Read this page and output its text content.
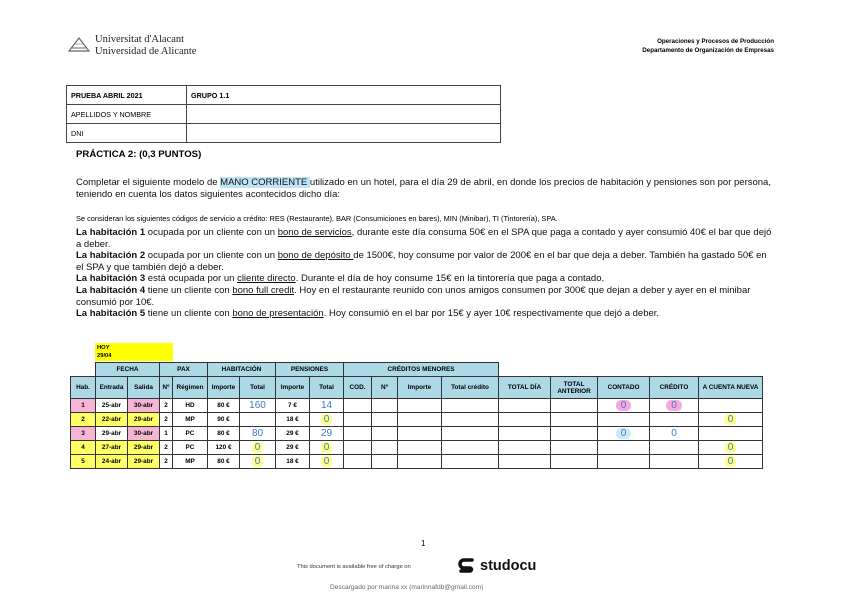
Universitat d'Alacant
Universidad de Alicante
Operaciones y Procesos de Producción
Departamento de Organización de Empresas
PRUEBA ABRIL 2021	GRUPO 1.1
APELLIDOS Y NOMBRE	
DNI	
PRÁCTICA 2: (0,3 PUNTOS)
Completar el siguiente modelo de MANO CORRIENTE utilizado en un hotel, para el día 29 de abril, en donde los precios de habitación y pensiones son por persona, teniendo en cuenta los datos siguientes acontecidos dicho día:
Se consideran los siguientes códigos de servicio a crédito: RES (Restaurante), BAR (Consumiciones en bares), MIN (Minibar), TI (Tintorería), SPA.

La habitación 1 ocupada por un cliente con un bono de servicios, durante este día consuma 50€ en el SPA que paga a contado y ayer consumió 40€ el bar que dejó a deber.

La habitación 2 ocupada por un cliente con un bono de depósito de 1500€, hoy consume por valor de 200€ en el bar que deja a deber. También ha gastado 50€ en el SPA y que también dejó a deber.

La habitación 3 está ocupada por un cliente directo. Durante el día de hoy consume 15€ en la tintorería que paga a contado.

La habitación 4 tiene un cliente con bono full credit. Hoy en el restaurante reunido con unos amigos consumen por 300€ que dejan a deber y ayer en el minibar consumió por 10€.

La habitación 5 tiene un cliente con bono de presentación. Hoy consumió en el bar por 15€ y ayer 10€ respectivamente que dejó a deber.

HOY
29/04
	FECHA		PAX		HABITACIÓN		PENSIONES		CRÉDITOS MENORES								
Hab.	Entrada	Salida	Nº	Régimen	Importe	Total	Importe	Total	COD.	Nº	Importe	Total crédito	TOTAL DÍA	TOTAL ANTERIOR	CONTADO	CRÉDITO	A CUENTA NUEVA
1	25-abr	30-abr	2	HD	80 €	160	7 €	14							0	0	
2	22-abr	29-abr	2	MP	90 €		18 €	0									0
3	29-abr	30-abr	1	PC	80 €	80	29 €	29							0	0	
4	27-abr	29-abr	2	PC	120 €	0	29 €	0									0
5	24-abr	29-abr	2	MP	80 €	0	18 €	0									0
1
This document is available free of charge on	studocu
Descargado por marina xx (marinnafdb@gmail.com)
